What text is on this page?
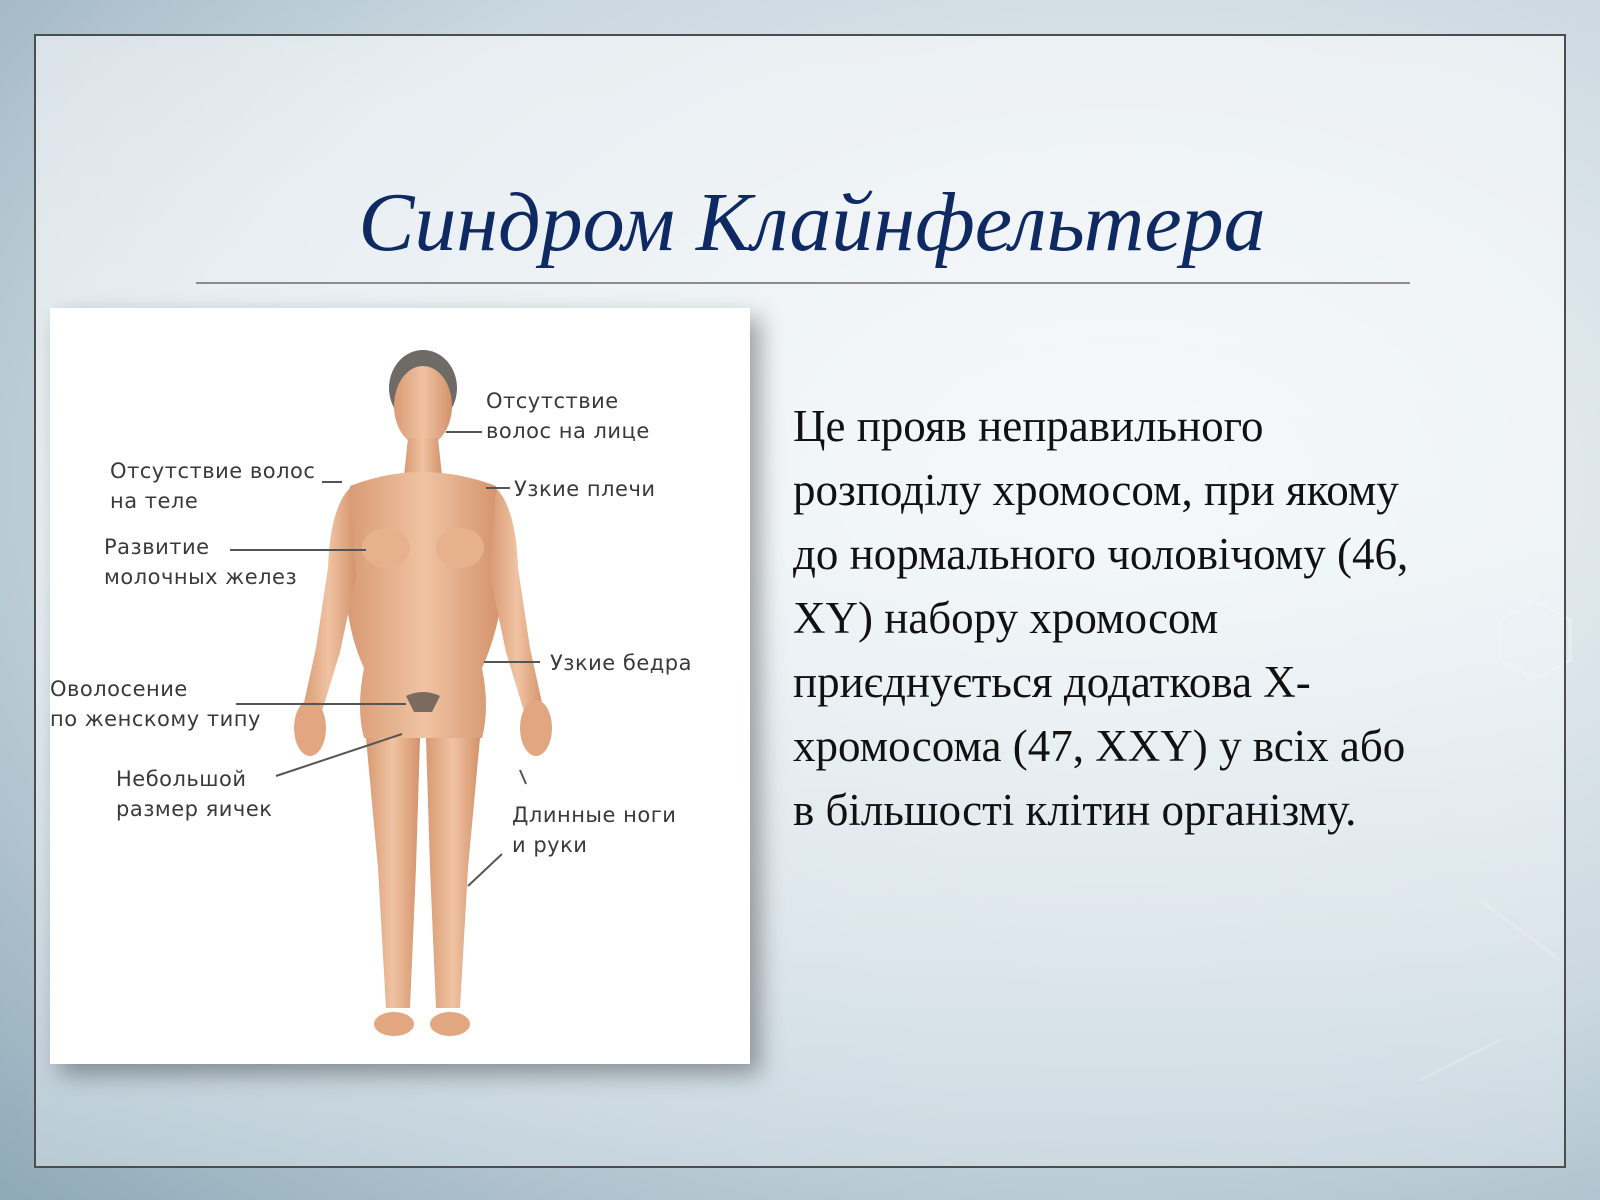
Синдром Клайнфельтера
Отсутствие
волос на лице
Отсутствие волос
на теле	Узкие плечи
Развитие
молочных желез
Узкие бедра
Оволосение
по женскому типу
Небольшой
размер яичек	Длинные ноги
и руки
Це прояв неправильного
розподілу хромосом, при якому
до нормального чоловічому (46,
XY) набору хромосом
приєднується додаткова X-
хромосома (47, XXY) у всіх або
в більшості клітин організму.
